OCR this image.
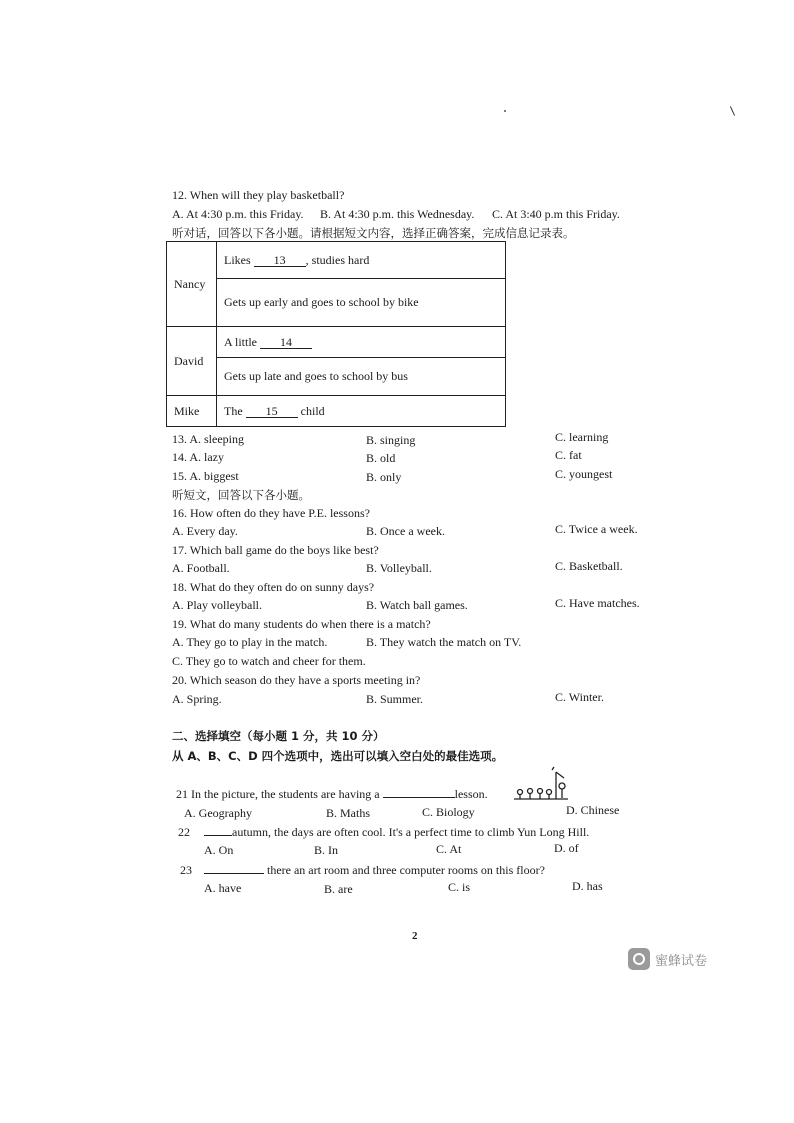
12. When will they play basketball?
A. At 4:30 p.m. this Friday. B. At 4:30 p.m. this Wednesday. C. At 3:40 p.m this Friday.
听对话，回答以下各小题。请根据短文内容，选择正确答案，完成信息记录表。
Nancy	Likes 13 , studies hard
	Gets up early and goes to school by bike
David	A little 14
	Gets up late and goes to school by bus
Mike	The 15 child
13. A. sleeping	B. singing	C. learning
14. A. lazy	B. old	C. fat
15. A. biggest	B. only	C. youngest
听短文，回答以下各小题。
16. How often do they have P.E. lessons?
A. Every day.	B. Once a week.	C. Twice a week.
17. Which ball game do the boys like best?
A. Football.	B. Volleyball.	C. Basketball.
18. What do they often do on sunny days?
A. Play volleyball.	B. Watch ball games.	C. Have matches.
19. What do many students do when there is a match?
A. They go to play in the match.	B. They watch the match on TV.
C. They go to watch and cheer for them.
20. Which season do they have a sports meeting in?
A. Spring.	B. Summer.	C. Winter.
二、选择填空（每小题 1 分，共 10 分）
从 A、B、C、D 四个选项中，选出可以填入空白处的最佳选项。
21 In the picture, the students are having a	lesson.
A. Geography	B. Maths	C. Biology	D. Chinese
22	autumn, the days are often cool. It's a perfect time to climb Yun Long Hill.
A. On	B. In	C. At	D. of
23	there an art room and three computer rooms on this floor?
A. have	B. are	C. is	D. has
2
蜜蜂试卷
